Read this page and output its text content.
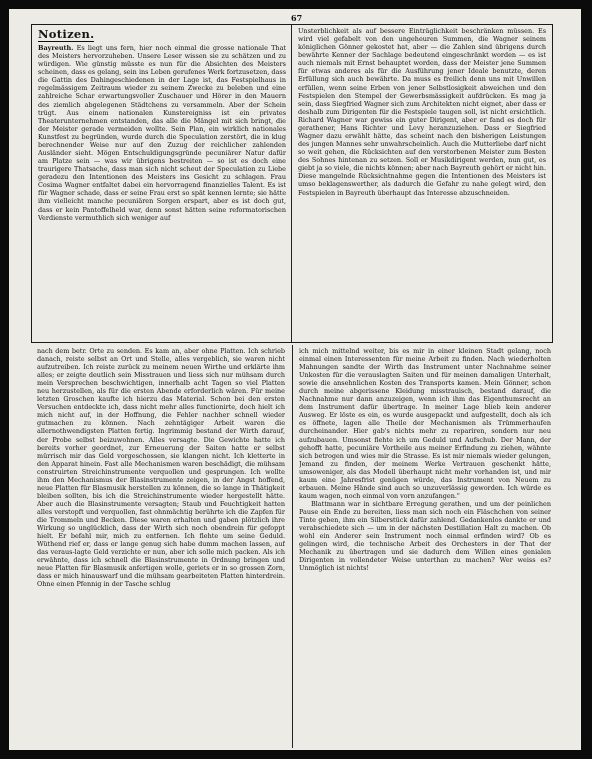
67
Notizen.

Bayreuth. Es liegt uns fern, hier noch einmal die grosse nationale That des Meisters hervorzuheben. Unsere Leser wissen sie zu schätzen und zu würdigen. Wie günstig müsste es nun für die Absichten des Meisters scheinen, dass es gelang, sein ins Leben gerufenes Werk fortzusetzen, dass die Gattin des Dahingeschiedenen in der Lage ist, das Festspielhaus in regelmässigem Zeitraum wieder zu seinem Zwecke zu beleben und eine zahlreiche Schar erwartungsvoller Zuschauer und Hörer in den Mauern des ziemlich abgelegenen Städtchens zu versammeln. Aber der Schein trügt. Aus einem nationalen Kunstereigniss ist ein privates Theaterunternehmen entstanden, das alle die Mängel mit sich bringt, die der Meister gerade vermeiden wollte. Sein Plan, ein wirklich nationales Kunstfest zu begründen, wurde durch die Speculation zerstört, die in klug berechnender Weise nur auf den Zuzug der reichlicher zahlenden Ausländer sieht. Mögen Entschuldigungsgründe pecuniärer Natur dafür am Platze sein — was wir übrigens bestreiten — so ist es doch eine traurigere Thatsache, dass man sich nicht scheut der Speculation zu Liebe geradezu den Intentionen des Meisters ins Gesicht zu schlagen. Frau Cosima Wagner entfaltet dabei ein hervorragend finanzielles Talent. Es ist für Wagner schade, dass er seine Frau erst so spät kennen lernte; sie hätte ihm vielleicht manche pecuniären Sorgen erspart, aber es ist doch gut, dass er kein Pantoffelheld war, denn sonst hätten seine reformatorischen Verdienste vermuthlich sich weniger auf

Unsterblichkeit als auf bessere Einträglichkeit beschränken müssen. Es wird viel gefabelt von den ungeheuren Summen, die Wagner seinem königlichen Gönner gekostet hat, aber — die Zahlen sind übrigens durch bewährte Kenner der Sachlage bedeutend eingeschränkt worden — es ist auch niemals mit Ernst behauptet worden, dass der Meister jene Summen für etwas anderes als für die Ausführung jener Ideale benutzte, deren Erfüllung sich auch bewährte. Da muss es freilich denn uns mit Unwillen erfüllen, wenn seine Erben von jener Selbstlosigkeit abweichen und den Festspielen den Stempel der Gewerbsmässigkeit aufdrücken. Es mag ja sein, dass Siegfried Wagner sich zum Architekten nicht eignet, aber dass er deshalb zum Dirigenten für die Festspiele taugen soll, ist nicht ersichtlich. Richard Wagner war gewiss ein guter Dirigent, aber er fand es doch für gerathener, Hans Richter und Levy heranzuziehen. Dass er Siegfried Wagner dazu erwählt hätte, das scheint nach den bisherigen Leistungen des jungen Mannes sehr unwahrscheinlich. Auch die Mutterliebe darf nicht so weit gehen, die Rücksichten auf den verstorbenen Meister zum Besten des Sohnes hintenan zu setzen. Soll er Musikdirigent werden, nun gut, es giebt ja so viele, die nichts können; aber nach Bayreuth gehört er nicht hin. Diese mangelnde Rücksichtnahme gegen die Intentionen des Meisters ist umso beklagenswerther, als dadurch die Gefahr zu nahe gelegt wird, den Festspielen in Bayreuth überhaupt das Interesse abzuschneiden.

nach dem betr. Orte zu senden. Es kam an, aber ohne Platten. Ich schrieb danach, reiste selbst an Ort und Stelle, alles vergeblich, sie waren nicht aufzutreiben. Ich reiste zurück zu meinem neuen Wirthe und erklärte ihm alles; er zeigte deutlich sein Misstrauen und liess sich nur mühsam durch mein Versprechen beschwichtigen, innerhalb acht Tagen so viel Platten neu herzustellen, als für die ersten Abende erforderlich wären. Für meine letzten Groschen kaufte ich hierzu das Material. Schon bei den ersten Versuchen entdeckte ich, dass nicht mehr alles functionirte, doch hielt ich mich nicht auf, in der Hoffnung, die Fehler nachher schnell wieder gutmachen zu können. Nach zehntägiger Arbeit waren die allernothwendigsten Platten fertig. Ingrimmig bestand der Wirth darauf, der Probe selbst beizuwohnen. Alles versagte. Die Gewichte hatte ich bereits vorher geordnet, zur Erneuerung der Saiten hatte er selbst mürrisch mir das Geld vorgeschossen, sie klangen nicht. Ich kletterte in den Apparat hinein. Fast alle Mechanismen waren beschädigt, die mühsam construirten Streichinstrumente verquollen und gesprungen. Ich wollte ihm den Mechanismus der Blasinstrumente zeigen, in der Angst hoffend, neue Platten für Blasmusik herstellen zu können, die so lange in Thätigkeit bleiben sollten, bis ich die Streichinstrumente wieder hergestellt hätte. Aber auch die Blasinstrumente versagten; Staub und Feuchtigkeit hatten alles verstopft und verquollen, fast ohnmächtig berührte ich die Zapfen für die Trommeln und Becken. Diese waren erhalten und gaben plötzlich ihre Wirkung so unglücklich, dass der Wirth sich noch obendrein für gefoppt hielt. Er befahl mir, mich zu entfernen. Ich flehte um seine Geduld. Wüthend rief er, dass er lange genug sich habe dumm machen lassen, auf das veraus-lagte Geld verzichte er nun, aber ich solle mich packen. Als ich erwähnte, dass ich schnell die Blasinstrumente in Ordnung bringen und neue Platten für Blasmusik anfertigen wolle, geriets er in so grossen Zorn, dass er mich hinauswarf und die mühsam gearbeiteten Platten hinterdrein. Ohne einen Pfennig in der Tasche schlug

ich mich mittelnd weiter, bis es mir in einer kleinen Stadt gelang, noch einmal einen Interessenten für meine Arbeit zu finden. Nach wiederholten Mahnungen sandte der Wirth das Instrument unter Nachnahme seiner Unkosten für die verauslagten Saiten und für meinen damaligen Unterhalt, sowie die ansehnlichen Kosten des Transports kamen. Mein Gönner, schon durch meine abgerissene Kleidung misstrauisch, bestand darauf, die Nachnahme nur dann anzuzeigen, wenn ich ihm das Eigenthumsrecht an dem Instrument dafür übertrage. In meiner Lage blieb kein anderer Ausweg. Er löste es ein, es wurde ausgepackt und aufgestellt, doch als ich es öffnete, lagen alle Theile der Mechanismen als Trümmerhaufen durcheinander. Hier gab's nichts mehr zu repariren, sondern nur neu aufzubauen. Umsonst flehte ich um Geduld und Aufschub. Der Mann, der gehofft hatte, pecuniäre Vortheile aus meiner Erfindung zu ziehen, wähnte sich betrogen und wies mir die Strasse. Es ist mir niemals wieder gelungen, Jemand zu finden, der meinem Werke Vertrauen geschenkt hätte, umsoweniger, als das Modell überhaupt nicht mehr vorhanden ist, und mir kaum eine Jahresfrist genügen würde, das Instrument von Neuem zu erbauen. Meine Hände sind auch so unzuverlässig geworden. Ich würde es kaum wagen, noch einmal von vorn anzufangen."

Blattmann war in sichtbare Erregung gerathen, und um der peinlichen Pause ein Ende zu bereiten, liess man sich noch ein Fläschchen von seiner Tinte geben, ihm ein Silberstück dafür zahlend. Gedankenlos dankte er und verabschiedete sich — um in der nächsten Destillation Halt zu machen. Ob wohl ein Anderer sein Instrument noch einmal erfinden wird? Ob es gelingen wird, die technische Arbeit des Orchesters in der That der Mechanik zu übertragen und sie dadurch dem Willen eines genialen Dirigenten in vollendeter Weise unterthan zu machen? Wer weiss es? Unmöglich ist nichts!
